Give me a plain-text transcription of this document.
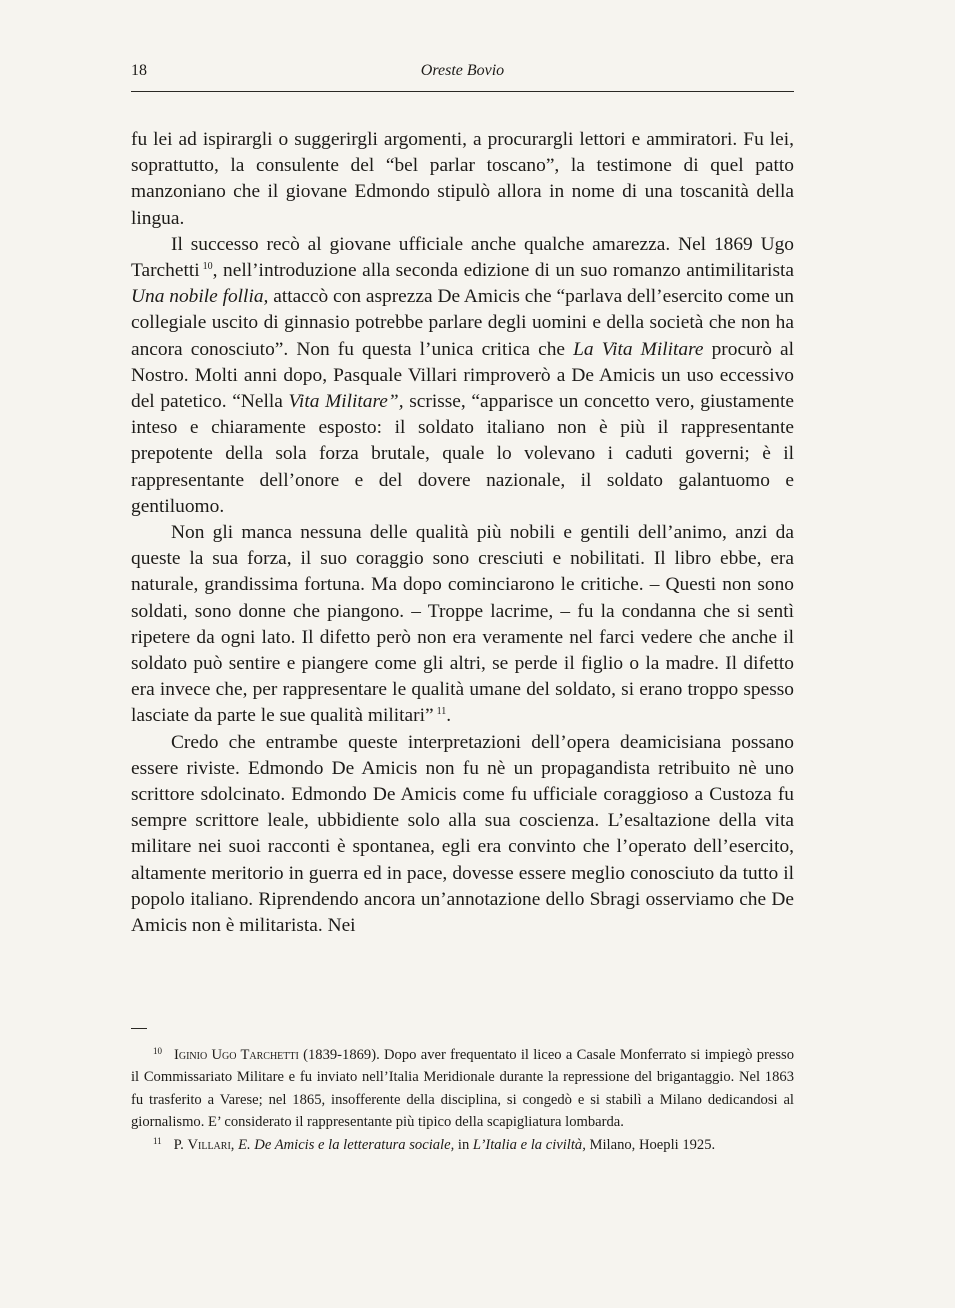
18	Oreste Bovio

fu lei ad ispirargli o suggerirgli argomenti, a procurargli lettori e ammiratori. Fu lei, soprattutto, la consulente del “bel parlar toscano”, la testimone di quel patto manzoniano che il giovane Edmondo stipulò allora in nome di una toscanità della lingua.

Il successo recò al giovane ufficiale anche qualche amarezza. Nel 1869 Ugo Tarchetti $^{10}$, nell’introduzione alla seconda edizione di un suo romanzo antimilitarista Una nobile follia, attaccò con asprezza De Amicis che “parlava dell’esercito come un collegiale uscito di ginnasio potrebbe parlare degli uomini e della società che non ha ancora conosciuto”. Non fu questa l’unica critica che La Vita Militare procurò al Nostro. Molti anni dopo, Pasquale Villari rimproverò a De Amicis un uso eccessivo del patetico. “Nella Vita Militare”, scrisse, “apparisce un concetto vero, giustamente inteso e chiaramente esposto: il soldato italiano non è più il rappresentante prepotente della sola forza brutale, quale lo volevano i caduti governi; è il rappresentante dell’onore e del dovere nazionale, il soldato galantuomo e gentiluomo.

Non gli manca nessuna delle qualità più nobili e gentili dell’animo, anzi da queste la sua forza, il suo coraggio sono cresciuti e nobilitati. Il libro ebbe, era naturale, grandissima fortuna. Ma dopo cominciarono le critiche. – Questi non sono soldati, sono donne che piangono. – Troppe lacrime, – fu la condanna che si sentì ripetere da ogni lato. Il difetto però non era veramente nel farci vedere che anche il soldato può sentire e piangere come gli altri, se perde il figlio o la madre. Il difetto era invece che, per rappresentare le qualità umane del soldato, si erano troppo spesso lasciate da parte le sue qualità militari” $^{11}$.

Credo che entrambe queste interpretazioni dell’opera deamicisiana possano essere riviste. Edmondo De Amicis non fu nè un propagandista retribuito nè uno scrittore sdolcinato. Edmondo De Amicis come fu ufficiale coraggioso a Custoza fu sempre scrittore leale, ubbidiente solo alla sua coscienza. L’esaltazione della vita militare nei suoi racconti è spontanea, egli era convinto che l’operato dell’esercito, altamente meritorio in guerra ed in pace, dovesse essere meglio conosciuto da tutto il popolo italiano. Riprendendo ancora un’annotazione dello Sbragi osserviamo che De Amicis non è militarista. Nei

$^{10}$ Iginio Ugo Tarchetti (1839-1869). Dopo aver frequentato il liceo a Casale Monferrato si impiegò presso il Commissariato Militare e fu inviato nell’Italia Meridionale durante la repressione del brigantaggio. Nel 1863 fu trasferito a Varese; nel 1865, insofferente della disciplina, si congedò e si stabilì a Milano dedicandosi al giornalismo. E’ considerato il rappresentante più tipico della scapigliatura lombarda.

$^{11}$ P. Villari, E. De Amicis e la letteratura sociale, in L’Italia e la civiltà, Milano, Hoepli 1925.
